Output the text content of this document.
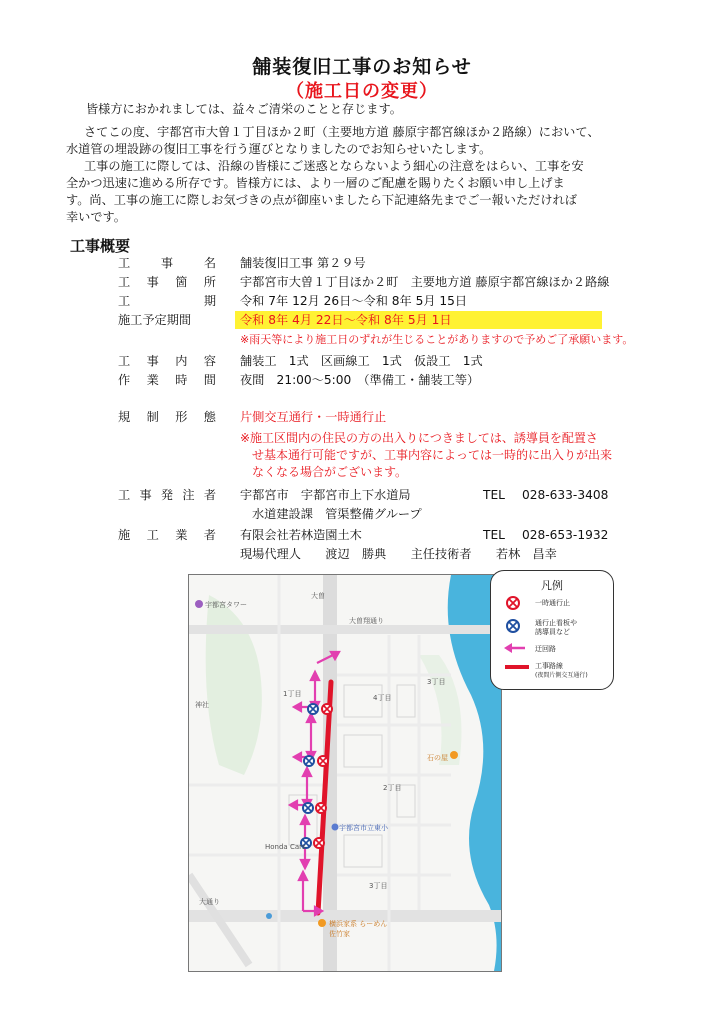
舗装復旧工事のお知らせ
（施工日の変更）
皆様方におかれましては、益々ご清栄のことと存じます。
さてこの度、宇都宮市大曽１丁目ほか２町（主要地方道 藤原宇都宮線ほか２路線）において、
水道管の埋設跡の復旧工事を行う運びとなりましたのでお知らせいたします。
工事の施工に際しては、沿線の皆様にご迷惑とならないよう細心の注意をはらい、工事を安
全かつ迅速に進める所存です。皆様方には、より一層のご配慮を賜りたくお願い申し上げま
す。尚、工事の施工に際しお気づきの点が御座いましたら下記連絡先までご一報いただければ
幸いです。
工事概要
工	事	名 舗装復旧工事 第２９号
工 事 箇 所 宇都宮市大曽１丁目ほか２町　主要地方道 藤原宇都宮線ほか２路線
工	期 令和 7年 12月 26日～令和 8年 5月 15日
施工予定期間	令和 8年 4月 22日～令和 8年 5月 1日
※雨天等により施工日のずれが生じることがありますので予めご了承願います。
工 事 内 容 舗装工　1式　区画線工　1式　仮設工　1式
作 業 時 間 夜間　21:00～5:00　（準備工・舗装工等）
規 制 形 態 片側交互通行・一時通行止
※施工区間内の住民の方の出入りにつきましては、誘導員を配置さ
せ基本通行可能ですが、工事内容によっては一時的に出入りが出来
なくなる場合がございます。
工 事 発 注 者 宇都宮市　宇都宮市上下水道局	TEL 028-633-3408
水道建設課　管渠整備グループ
施 工 業 者 有限会社若林造園土木	TEL 028-653-1932
現場代理人　　渡辺　勝典　　主任技術者　　若林　昌幸
宇都宮タワー
大曽
大曽翔通り
3丁目
4丁目
1丁目
神社
石の屋
2丁目
宇都宮市立東小
Honda Cars
3丁目
横浜家系 らーめん 佐竹家
大通り
凡例
一時通行止
通行止看板や
誘導員など
迂回路
工事路線
(夜間片側交互通行)
